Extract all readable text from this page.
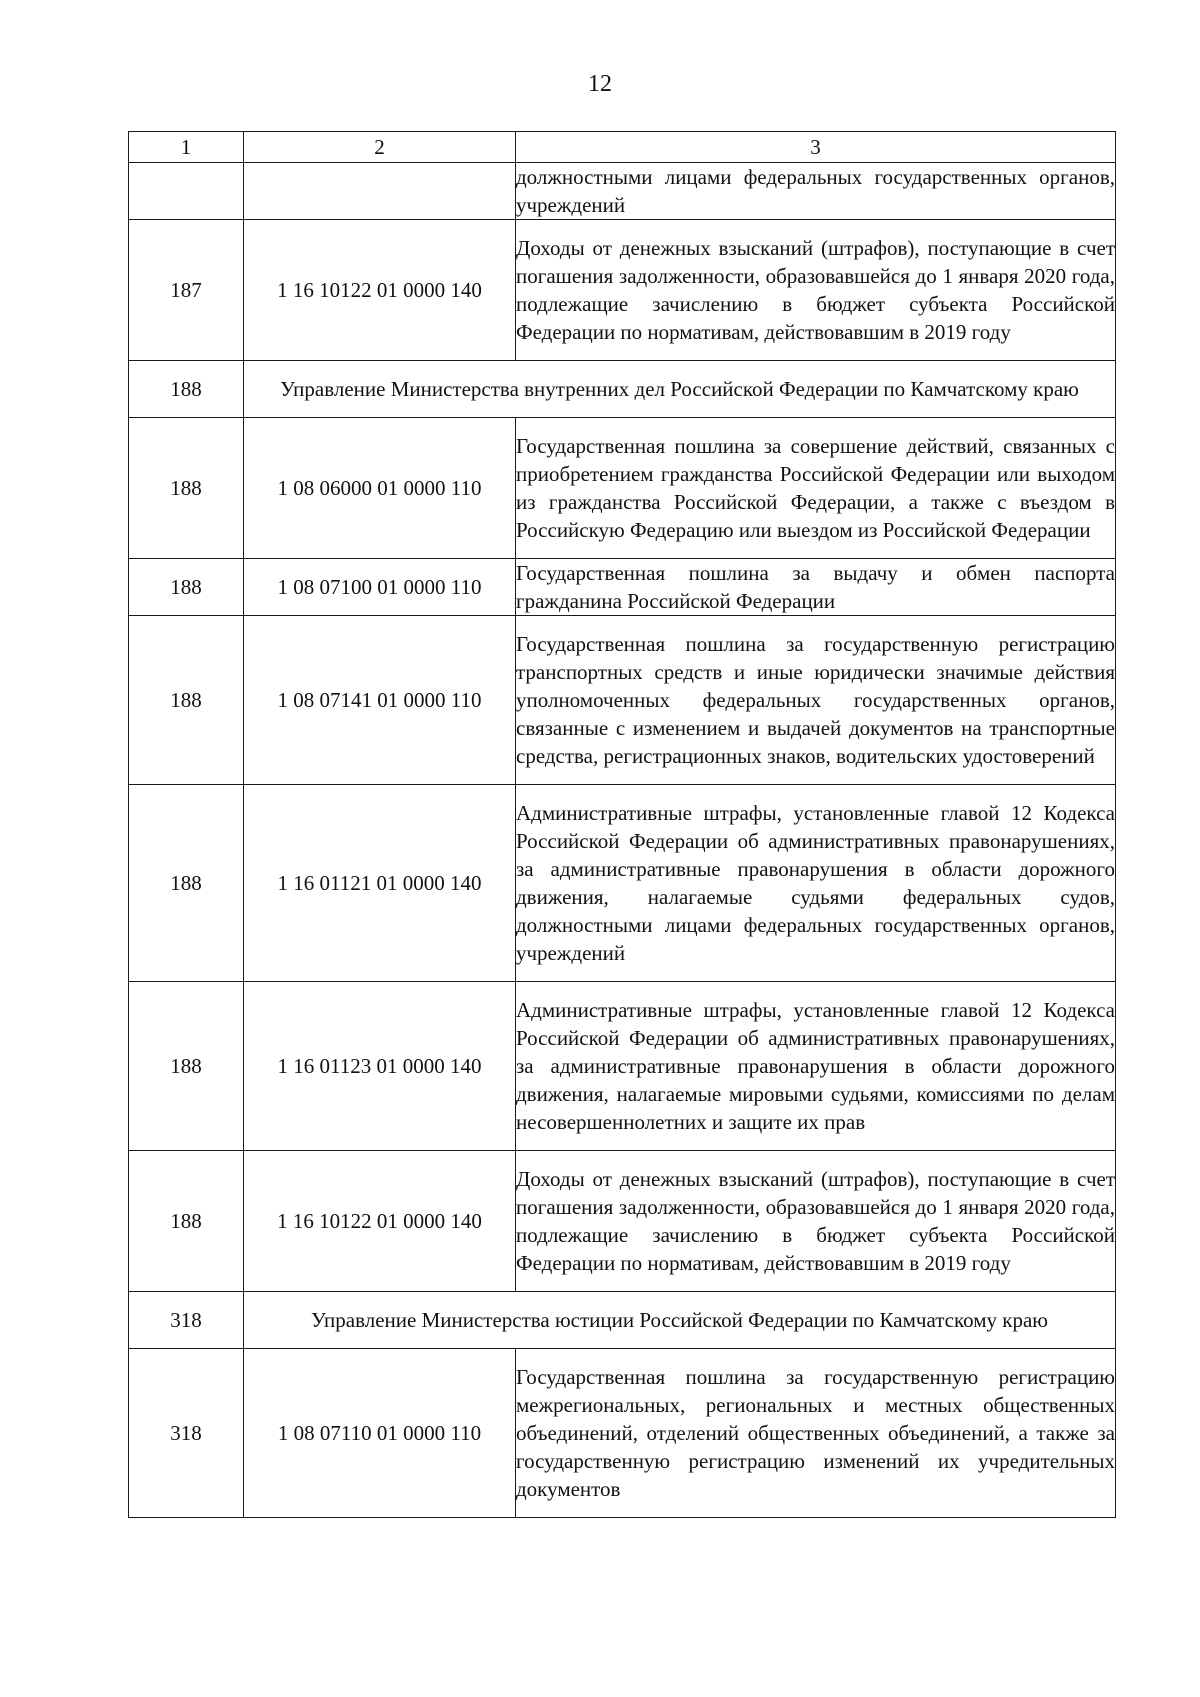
12
1	2	3
		должностными лицами федеральных государственных органов, учреждений
187	1 16 10122 01 0000 140	Доходы от денежных взысканий (штрафов), поступающие в счет погашения задолженности, образовавшейся до 1 января 2020 года, подлежащие зачислению в бюджет субъекта Российской Федерации по нормативам, действовавшим в 2019 году
188	Управление Министерства внутренних дел Российской Федерации по Камчатскому краю	
188	1 08 06000 01 0000 110	Государственная пошлина за совершение действий, связанных с приобретением гражданства Российской Федерации или выходом из гражданства Российской Федерации, а также с въездом в Российскую Федерацию или выездом из Российской Федерации
188	1 08 07100 01 0000 110	Государственная пошлина за выдачу и обмен паспорта гражданина Российской Федерации
188	1 08 07141 01 0000 110	Государственная пошлина за государственную регистрацию транспортных средств и иные юридически значимые действия уполномоченных федеральных государственных органов, связанные с изменением и выдачей документов на транспортные средства, регистрационных знаков, водительских удостоверений
188	1 16 01121 01 0000 140	Административные штрафы, установленные главой 12 Кодекса Российской Федерации об административных правонарушениях, за административные правонарушения в области дорожного движения, налагаемые судьями федеральных судов, должностными лицами федеральных государственных органов, учреждений
188	1 16 01123 01 0000 140	Административные штрафы, установленные главой 12 Кодекса Российской Федерации об административных правонарушениях, за административные правонарушения в области дорожного движения, налагаемые мировыми судьями, комиссиями по делам несовершеннолетних и защите их прав
188	1 16 10122 01 0000 140	Доходы от денежных взысканий (штрафов), поступающие в счет погашения задолженности, образовавшейся до 1 января 2020 года, подлежащие зачислению в бюджет субъекта Российской Федерации по нормативам, действовавшим в 2019 году
318	Управление Министерства юстиции Российской Федерации по Камчатскому краю	
318	1 08 07110 01 0000 110	Государственная пошлина за государственную регистрацию межрегиональных, региональных и местных общественных объединений, отделений общественных объединений, а также за государственную регистрацию изменений их учредительных документов
